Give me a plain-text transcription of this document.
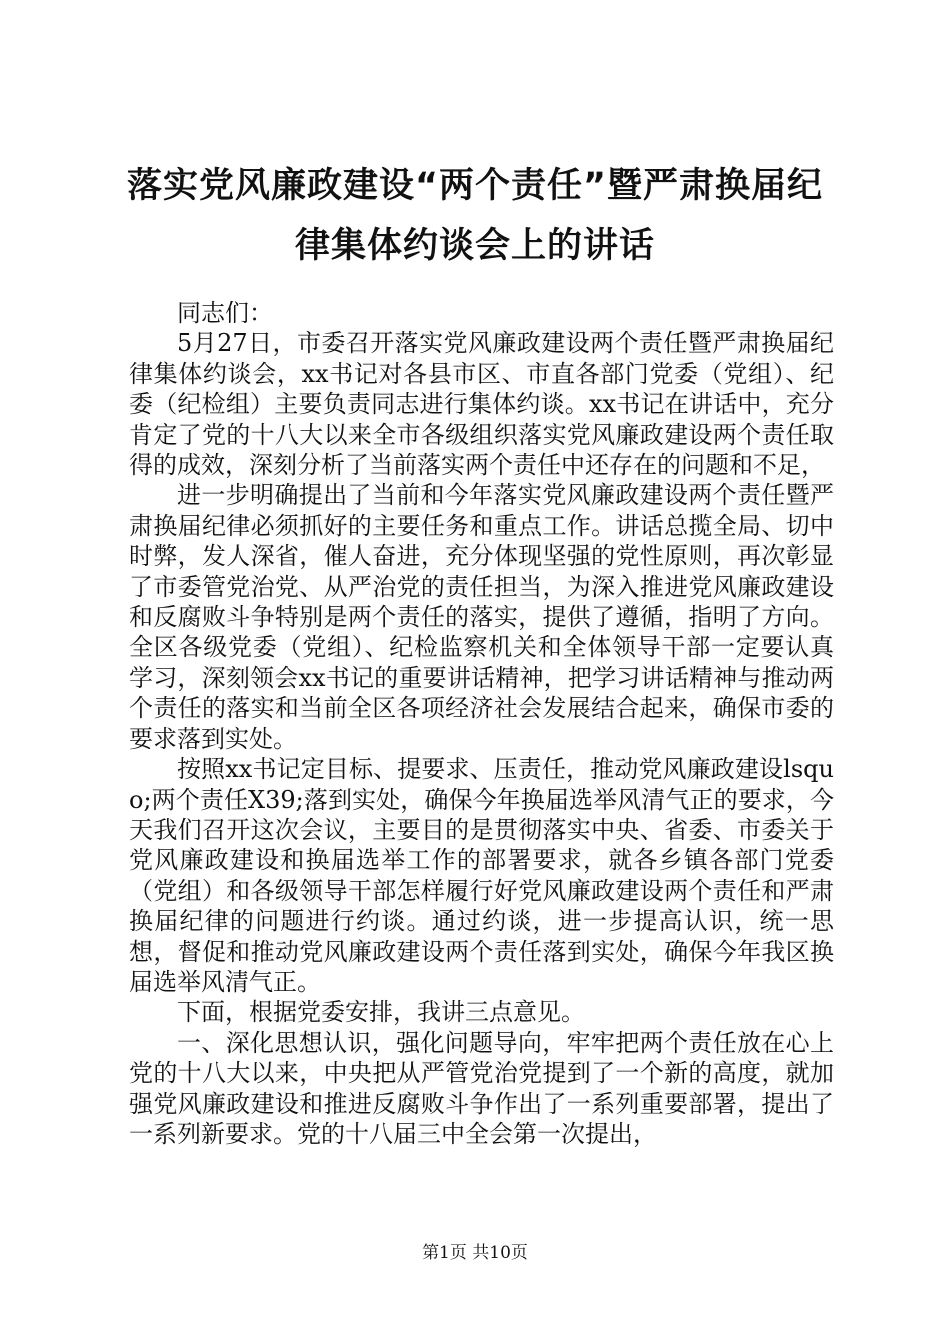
落实党风廉政建设“两个责任”暨严肃换届纪律集体约谈会上的讲话

同志们：

5月27日，市委召开落实党风廉政建设两个责任暨严肃换届纪律集体约谈会，xx书记对各县市区、市直各部门党委（党组）、纪委（纪检组）主要负责同志进行集体约谈。xx书记在讲话中，充分肯定了党的十八大以来全市各级组织落实党风廉政建设两个责任取得的成效，深刻分析了当前落实两个责任中还存在的问题和不足，

进一步明确提出了当前和今年落实党风廉政建设两个责任暨严肃换届纪律必须抓好的主要任务和重点工作。讲话总揽全局、切中时弊，发人深省，催人奋进，充分体现坚强的党性原则，再次彰显了市委管党治党、从严治党的责任担当，为深入推进党风廉政建设和反腐败斗争特别是两个责任的落实，提供了遵循，指明了方向。全区各级党委（党组）、纪检监察机关和全体领导干部一定要认真学习，深刻领会xx书记的重要讲话精神，把学习讲话精神与推动两个责任的落实和当前全区各项经济社会发展结合起来，确保市委的要求落到实处。

按照xx书记定目标、提要求、压责任，推动党风廉政建设lsquo;两个责任X39;落到实处，确保今年换届选举风清气正的要求，今天我们召开这次会议，主要目的是贯彻落实中央、省委、市委关于党风廉政建设和换届选举工作的部署要求，就各乡镇各部门党委（党组）和各级领导干部怎样履行好党风廉政建设两个责任和严肃换届纪律的问题进行约谈。通过约谈，进一步提高认识，统一思想，督促和推动党风廉政建设两个责任落到实处，确保今年我区换届选举风清气正。

下面，根据党委安排，我讲三点意见。

一、深化思想认识，强化问题导向，牢牢把两个责任放在心上党的十八大以来，中央把从严管党治党提到了一个新的高度，就加强党风廉政建设和推进反腐败斗争作出了一系列重要部署，提出了一系列新要求。党的十八届三中全会第一次提出，

第1页 共10页
